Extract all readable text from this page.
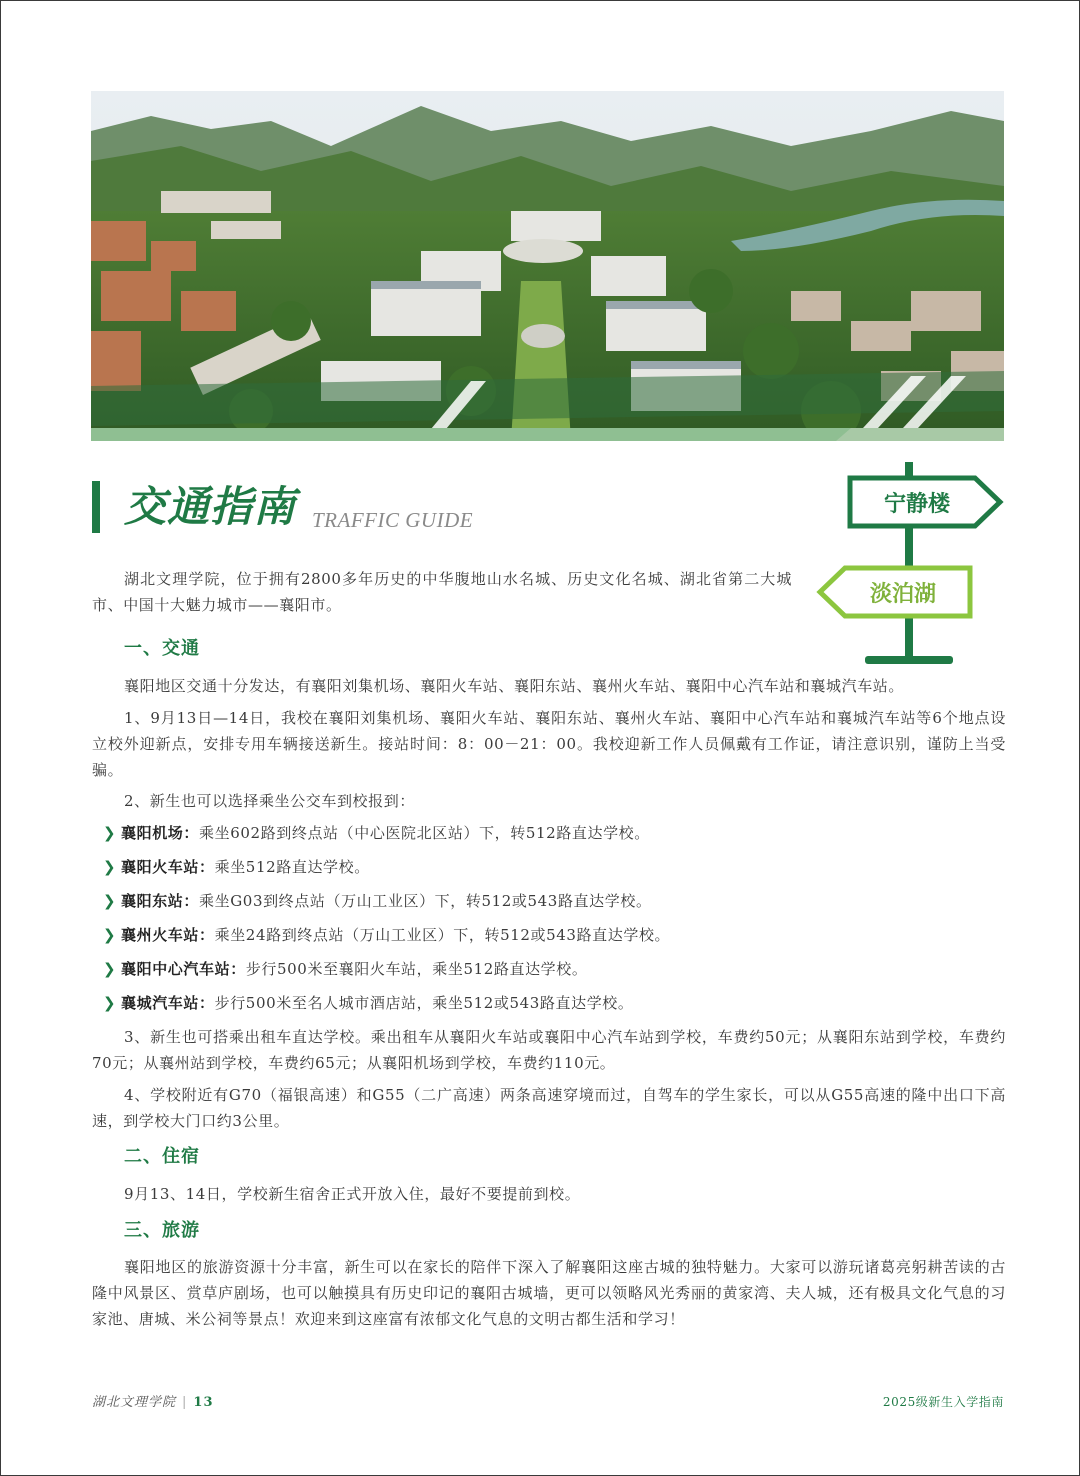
交通指南 TRAFFIC GUIDE
宁静楼
淡泊湖
湖北文理学院，位于拥有2800多年历史的中华腹地山水名城、历史文化名城、湖北省第二大城市、中国十大魅力城市——襄阳市。
一、交通
襄阳地区交通十分发达，有襄阳刘集机场、襄阳火车站、襄阳东站、襄州火车站、襄阳中心汽车站和襄城汽车站。
1、9月13日—14日，我校在襄阳刘集机场、襄阳火车站、襄阳东站、襄州火车站、襄阳中心汽车站和襄城汽车站等6个地点设立校外迎新点，安排专用车辆接送新生。接站时间：8：00－21：00。我校迎新工作人员佩戴有工作证，请注意识别，谨防上当受骗。
2、新生也可以选择乘坐公交车到校报到：
❯ 襄阳机场：乘坐602路到终点站（中心医院北区站）下，转512路直达学校。
❯ 襄阳火车站：乘坐512路直达学校。
❯ 襄阳东站：乘坐G03到终点站（万山工业区）下，转512或543路直达学校。
❯ 襄州火车站：乘坐24路到终点站（万山工业区）下，转512或543路直达学校。
❯ 襄阳中心汽车站：步行500米至襄阳火车站，乘坐512路直达学校。
❯ 襄城汽车站：步行500米至名人城市酒店站，乘坐512或543路直达学校。
3、新生也可搭乘出租车直达学校。乘出租车从襄阳火车站或襄阳中心汽车站到学校，车费约50元；从襄阳东站到学校，车费约70元；从襄州站到学校，车费约65元；从襄阳机场到学校，车费约110元。
4、学校附近有G70（福银高速）和G55（二广高速）两条高速穿境而过，自驾车的学生家长，可以从G55高速的隆中出口下高速，到学校大门口约3公里。
二、住宿
9月13、14日，学校新生宿舍正式开放入住，最好不要提前到校。
三、旅游
襄阳地区的旅游资源十分丰富，新生可以在家长的陪伴下深入了解襄阳这座古城的独特魅力。大家可以游玩诸葛亮躬耕苦读的古隆中风景区、赏草庐剧场，也可以触摸具有历史印记的襄阳古城墙，更可以领略风光秀丽的黄家湾、夫人城，还有极具文化气息的习家池、唐城、米公祠等景点！欢迎来到这座富有浓郁文化气息的文明古都生活和学习！
湖北文理学院 | 13	2025级新生入学指南
